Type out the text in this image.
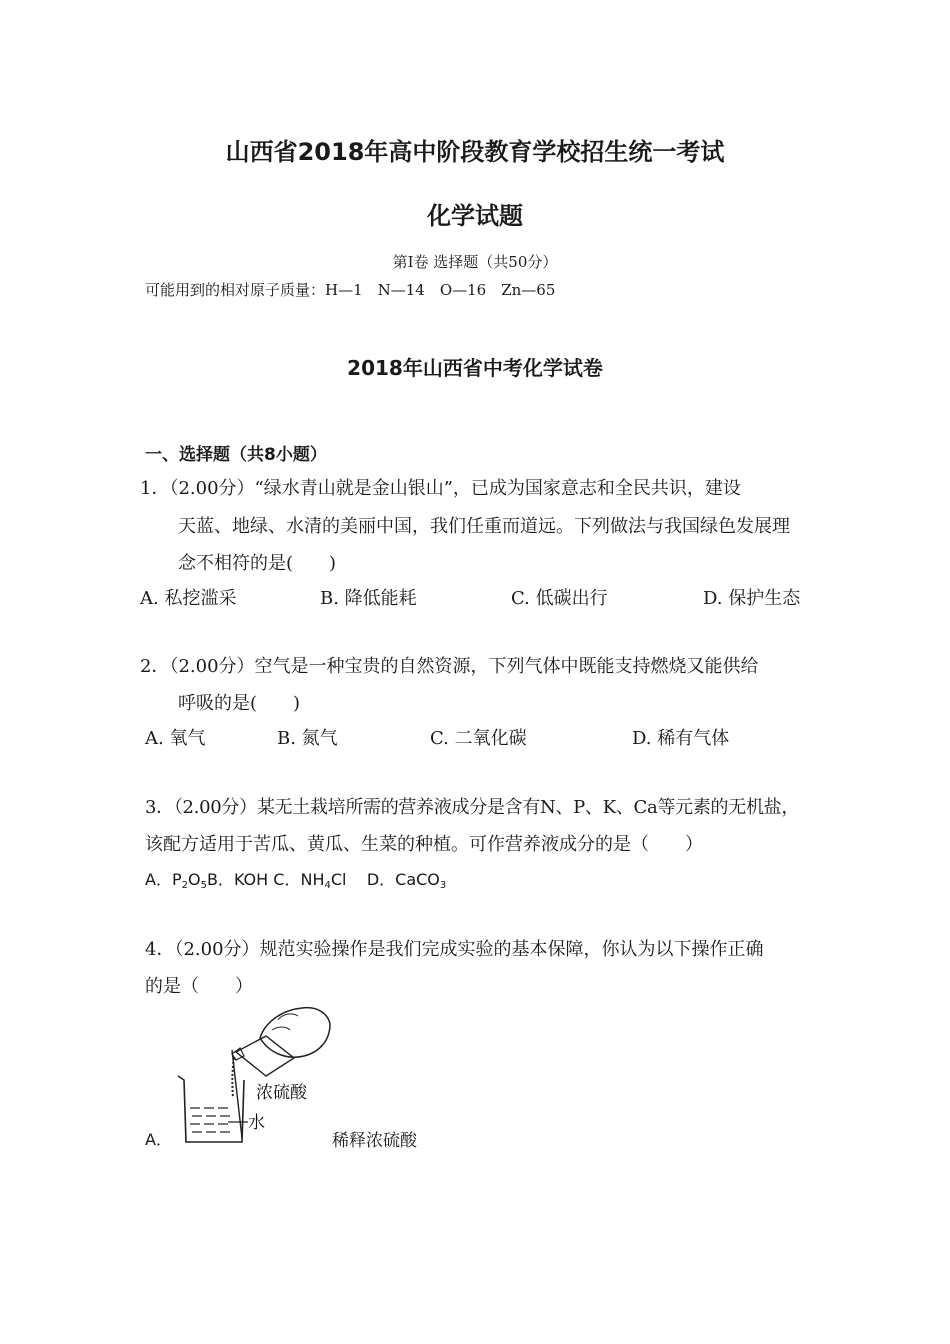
山西省2018年高中阶段教育学校招生统一考试
化学试题
第Ⅰ卷 选择题（共50分）
可能用到的相对原子质量：H—1　N—14　O—16　Zn—65
2018年山西省中考化学试卷
一、选择题（共8小题）
1．（2.00分）“绿水青山就是金山银山”，已成为国家意志和全民共识，建设
天蓝、地绿、水清的美丽中国，我们任重而道远。下列做法与我国绿色发展理
念不相符的是(　　)
A. 私挖滥采	B. 降低能耗	C. 低碳出行	D. 保护生态
2．（2.00分）空气是一种宝贵的自然资源，下列气体中既能支持燃烧又能供给
呼吸的是(　　)
A. 氧气	B. 氮气	C. 二氧化碳	D. 稀有气体
3．（2.00分）某无土栽培所需的营养液成分是含有N、P、K、Ca等元素的无机盐，
该配方适用于苦瓜、黄瓜、生菜的种植。可作营养液成分的是（　　）
A．$P_2O_5B$．KOH C．$NH_4Cl$ D．CaCO$_3$
4．（2.00分）规范实验操作是我们完成实验的基本保障，你认为以下操作正确
的是（　　）
A．
浓硫酸
水
稀释浓硫酸
